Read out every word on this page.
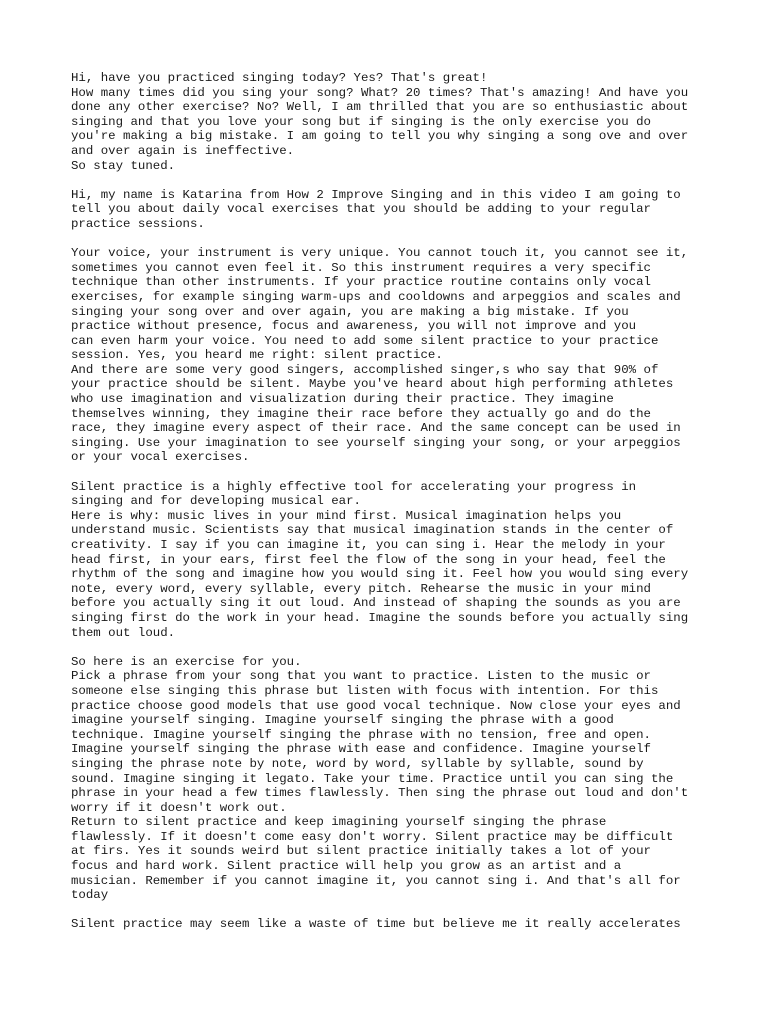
Hi, have you practiced singing today? Yes? That's great!
How many times did you sing your song? What? 20 times? That's amazing! And have you
done any other exercise? No? Well, I am thrilled that you are so enthusiastic about
singing and that you love your song but if singing is the only exercise you do
you're making a big mistake. I am going to tell you why singing a song ove and over
and over again is ineffective.
So stay tuned.
Hi, my name is Katarina from How 2 Improve Singing and in this video I am going to
tell you about daily vocal exercises that you should be adding to your regular
practice sessions.
Your voice, your instrument is very unique. You cannot touch it, you cannot see it,
sometimes you cannot even feel it. So this instrument requires a very specific
technique than other instruments. If your practice routine contains only vocal
exercises, for example singing warm-ups and cooldowns and arpeggios and scales and
singing your song over and over again, you are making a big mistake. If you
practice without presence, focus and awareness, you will not improve and you
can even harm your voice. You need to add some silent practice to your practice
session. Yes, you heard me right: silent practice.
And there are some very good singers, accomplished singer,s who say that 90% of
your practice should be silent. Maybe you've heard about high performing athletes
who use imagination and visualization during their practice. They imagine
themselves winning, they imagine their race before they actually go and do the
race, they imagine every aspect of their race. And the same concept can be used in
singing. Use your imagination to see yourself singing your song, or your arpeggios
or your vocal exercises.
Silent practice is a highly effective tool for accelerating your progress in
singing and for developing musical ear.
Here is why: music lives in your mind first. Musical imagination helps you
understand music. Scientists say that musical imagination stands in the center of
creativity. I say if you can imagine it, you can sing i. Hear the melody in your
head first, in your ears, first feel the flow of the song in your head, feel the
rhythm of the song and imagine how you would sing it. Feel how you would sing every
note, every word, every syllable, every pitch. Rehearse the music in your mind
before you actually sing it out loud. And instead of shaping the sounds as you are
singing first do the work in your head. Imagine the sounds before you actually sing
them out loud.
So here is an exercise for you.
Pick a phrase from your song that you want to practice. Listen to the music or
someone else singing this phrase but listen with focus with intention. For this
practice choose good models that use good vocal technique. Now close your eyes and
imagine yourself singing. Imagine yourself singing the phrase with a good
technique. Imagine yourself singing the phrase with no tension, free and open.
Imagine yourself singing the phrase with ease and confidence. Imagine yourself
singing the phrase note by note, word by word, syllable by syllable, sound by
sound. Imagine singing it legato. Take your time. Practice until you can sing the
phrase in your head a few times flawlessly. Then sing the phrase out loud and don't
worry if it doesn't work out.
Return to silent practice and keep imagining yourself singing the phrase
flawlessly. If it doesn't come easy don't worry. Silent practice may be difficult
at firs. Yes it sounds weird but silent practice initially takes a lot of your
focus and hard work. Silent practice will help you grow as an artist and a
musician. Remember if you cannot imagine it, you cannot sing i. And that's all for
today
Silent practice may seem like a waste of time but believe me it really accelerates
